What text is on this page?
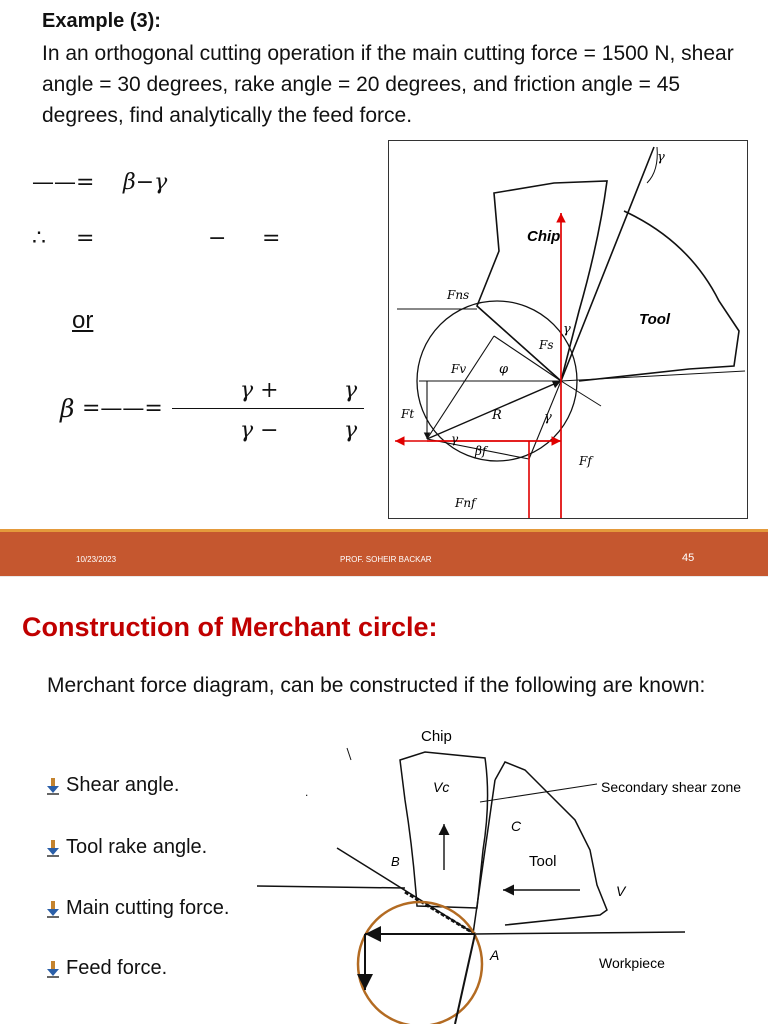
Example (3):
In an orthogonal cutting operation if the main cutting force = 1500 N, shear angle = 30 degrees, rake angle = 20 degrees, and friction angle = 45 degrees, find analytically the feed force.
——= β−γ
∴ =	− =
or
β =——=
γ +	γ
γ −	γ
γ
Chip
Tool
Fns
Fs
Fv	φ
γ
Ft	R	γ
γ
βf
Ff
Fnf
10/23/2023	PROF. SOHEIR BACKAR	45
Construction of Merchant circle:
Merchant force diagram, can be constructed if the following are known:
Shear angle.
Tool rake angle.
Main cutting force.
Feed force.
.
Chip
Vc	Secondary shear zone
C
Tool
B
V
A	Workpiece
